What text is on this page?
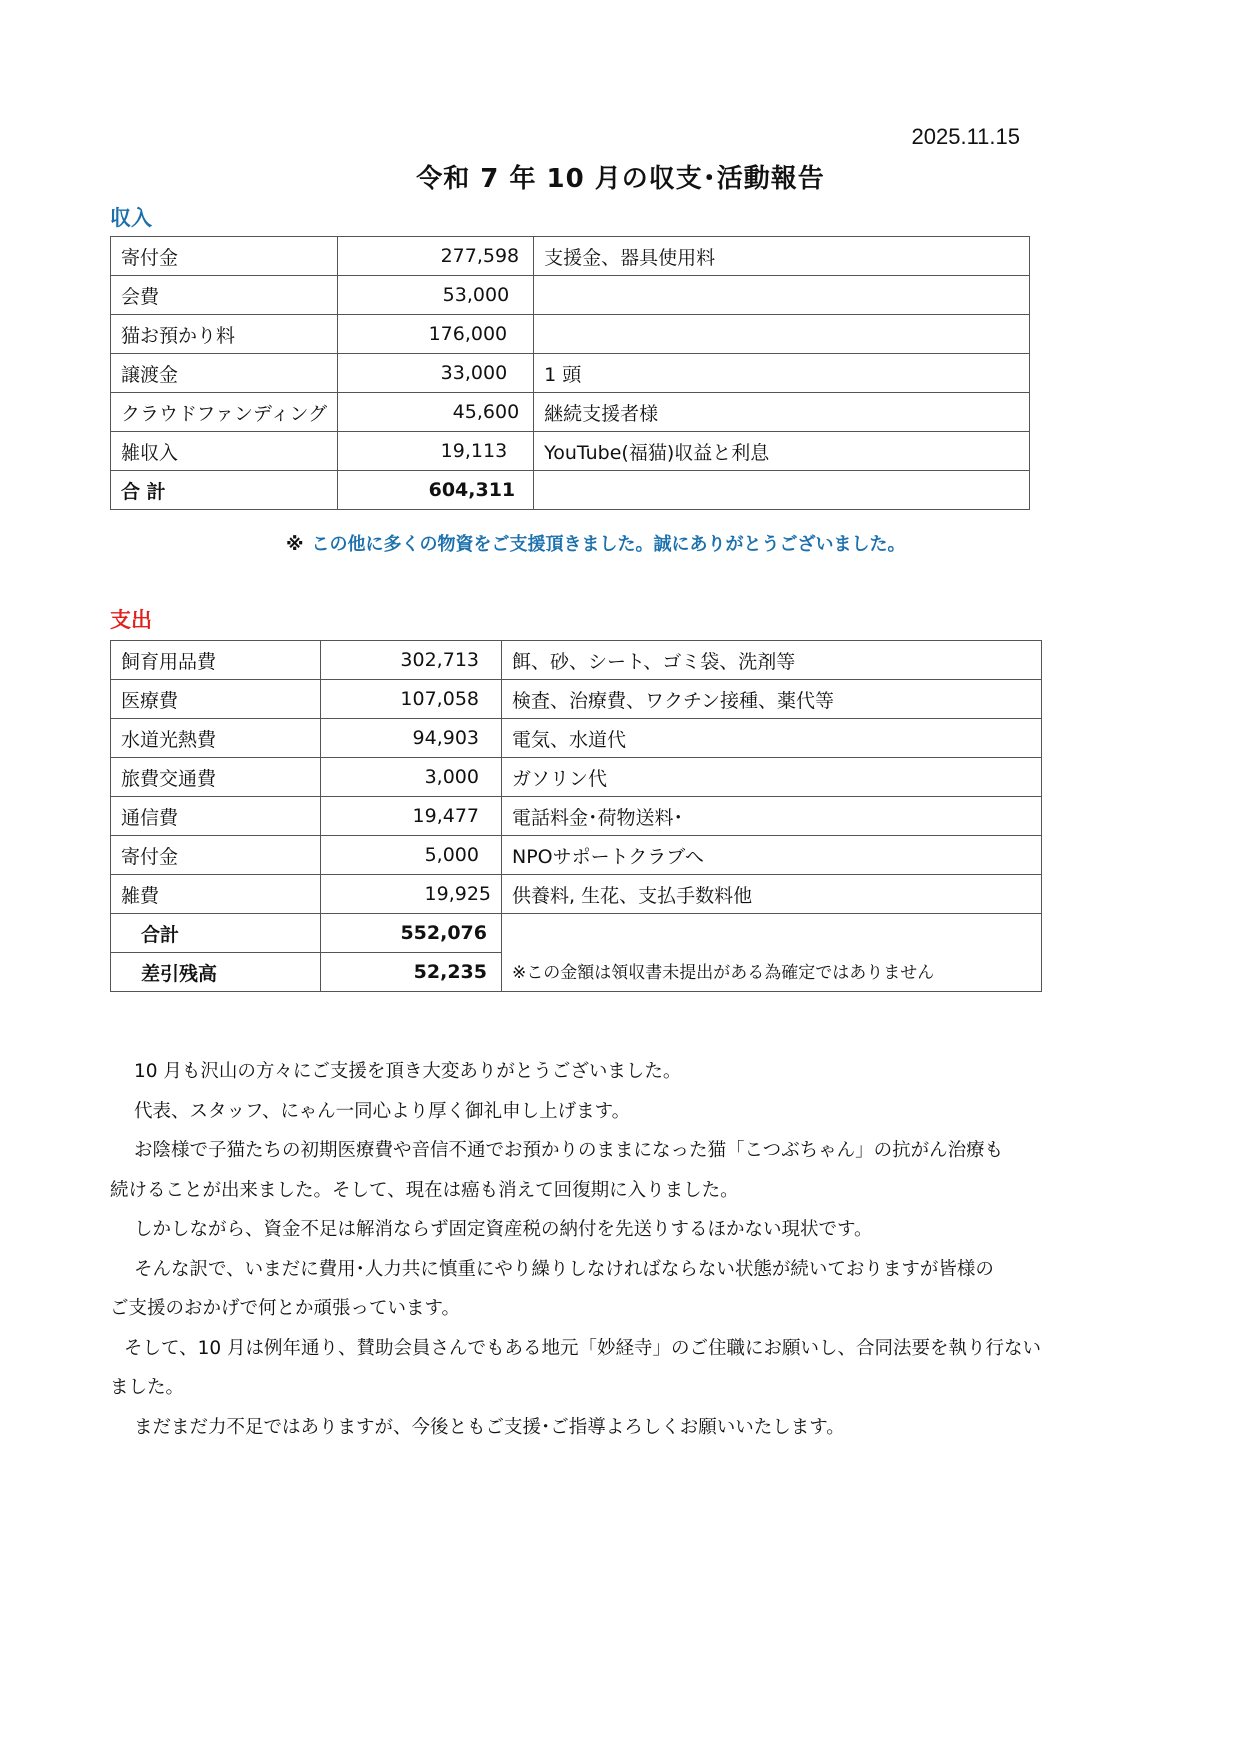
2025.11.15
令和 7 年 10 月の収支･活動報告
収入
寄付金	277,598	支援金、器具使用料
会費	53,000	
猫お預かり料	176,000	
譲渡金	33,000	1 頭
クラウドファンディング	45,600	継続支援者様
雑収入	19,113	YouTube(福猫)収益と利息
合 計	604,311	
※ この他に多くの物資をご支援頂きました。誠にありがとうございました。
支出
飼育用品費	302,713	餌、砂、シート、ゴミ袋、洗剤等
医療費	107,058	検査、治療費、ワクチン接種、薬代等
水道光熱費	94,903	電気、水道代
旅費交通費	3,000	ガソリン代
通信費	19,477	電話料金･荷物送料･
寄付金	5,000	NPOサポートクラブへ
雑費	19,925	供養料, 生花、支払手数料他
合計	552,076	※この金額は領収書未提出がある為確定ではありません
差引残高	52,235	

10 月も沢山の方々にご支援を頂き大変ありがとうございました。

代表、スタッフ、にゃん一同心より厚く御礼申し上げます。

お陰様で子猫たちの初期医療費や音信不通でお預かりのままになった猫「こつぶちゃん」の抗がん治療も

続けることが出来ました。そして、現在は癌も消えて回復期に入りました。

しかしながら、資金不足は解消ならず固定資産税の納付を先送りするほかない現状です。

そんな訳で、いまだに費用･人力共に慎重にやり繰りしなければならない状態が続いておりますが皆様の

ご支援のおかげで何とか頑張っています。

そして、10 月は例年通り、賛助会員さんでもある地元「妙経寺」のご住職にお願いし、合同法要を執り行ない

ました。

まだまだ力不足ではありますが、今後ともご支援･ご指導よろしくお願いいたします。
